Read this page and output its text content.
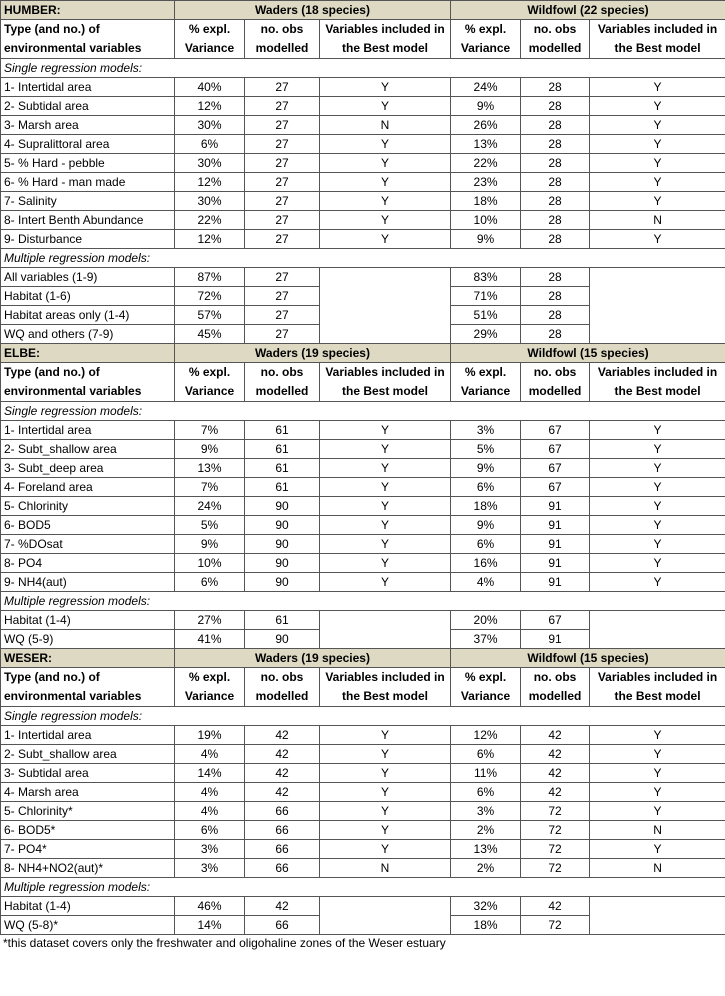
HUMBER:	Waders (18 species)			Wildfowl (22 species)		
Type (and no.) of environmental variables	% expl. Variance	no. obs modelled	Variables included in the Best model	% expl. Variance	no. obs modelled	Variables included in the Best model
Single regression models:						
1- Intertidal area	40%	27	Y	24%	28	Y
2- Subtidal area	12%	27	Y	9%	28	Y
3- Marsh area	30%	27	N	26%	28	Y
4- Supralittoral area	6%	27	Y	13%	28	Y
5- % Hard - pebble	30%	27	Y	22%	28	Y
6- % Hard - man made	12%	27	Y	23%	28	Y
7- Salinity	30%	27	Y	18%	28	Y
8- Intert Benth Abundance	22%	27	Y	10%	28	N
9- Disturbance	12%	27	Y	9%	28	Y
Multiple regression models:						
All variables (1-9)	87%	27		83%	28	
Habitat (1-6)	72%	27		71%	28	
Habitat areas only (1-4)	57%	27		51%	28	
WQ and others (7-9)	45%	27		29%	28	
ELBE:	Waders (19 species)			Wildfowl (15 species)		
Type (and no.) of environmental variables	% expl. Variance	no. obs modelled	Variables included in the Best model	% expl. Variance	no. obs modelled	Variables included in the Best model
Single regression models:						
1- Intertidal area	7%	61	Y	3%	67	Y
2- Subt_shallow area	9%	61	Y	5%	67	Y
3- Subt_deep area	13%	61	Y	9%	67	Y
4- Foreland area	7%	61	Y	6%	67	Y
5- Chlorinity	24%	90	Y	18%	91	Y
6- BOD5	5%	90	Y	9%	91	Y
7- %DOsat	9%	90	Y	6%	91	Y
8- PO4	10%	90	Y	16%	91	Y
9- NH4(aut)	6%	90	Y	4%	91	Y
Multiple regression models:						
Habitat (1-4)	27%	61		20%	67	
WQ (5-9)	41%	90		37%	91	
WESER:	Waders (19 species)			Wildfowl (15 species)		
Type (and no.) of environmental variables	% expl. Variance	no. obs modelled	Variables included in the Best model	% expl. Variance	no. obs modelled	Variables included in the Best model
Single regression models:						
1- Intertidal area	19%	42	Y	12%	42	Y
2- Subt_shallow area	4%	42	Y	6%	42	Y
3- Subtidal area	14%	42	Y	11%	42	Y
4- Marsh area	4%	42	Y	6%	42	Y
5- Chlorinity*	4%	66	Y	3%	72	Y
6- BOD5*	6%	66	Y	2%	72	N
7- PO4*	3%	66	Y	13%	72	Y
8- NH4+NO2(aut)*	3%	66	N	2%	72	N
Multiple regression models:						
Habitat (1-4)	46%	42		32%	42	
WQ (5-8)*	14%	66		18%	72	
*this dataset covers only the freshwater and oligohaline zones of the Weser estuary
